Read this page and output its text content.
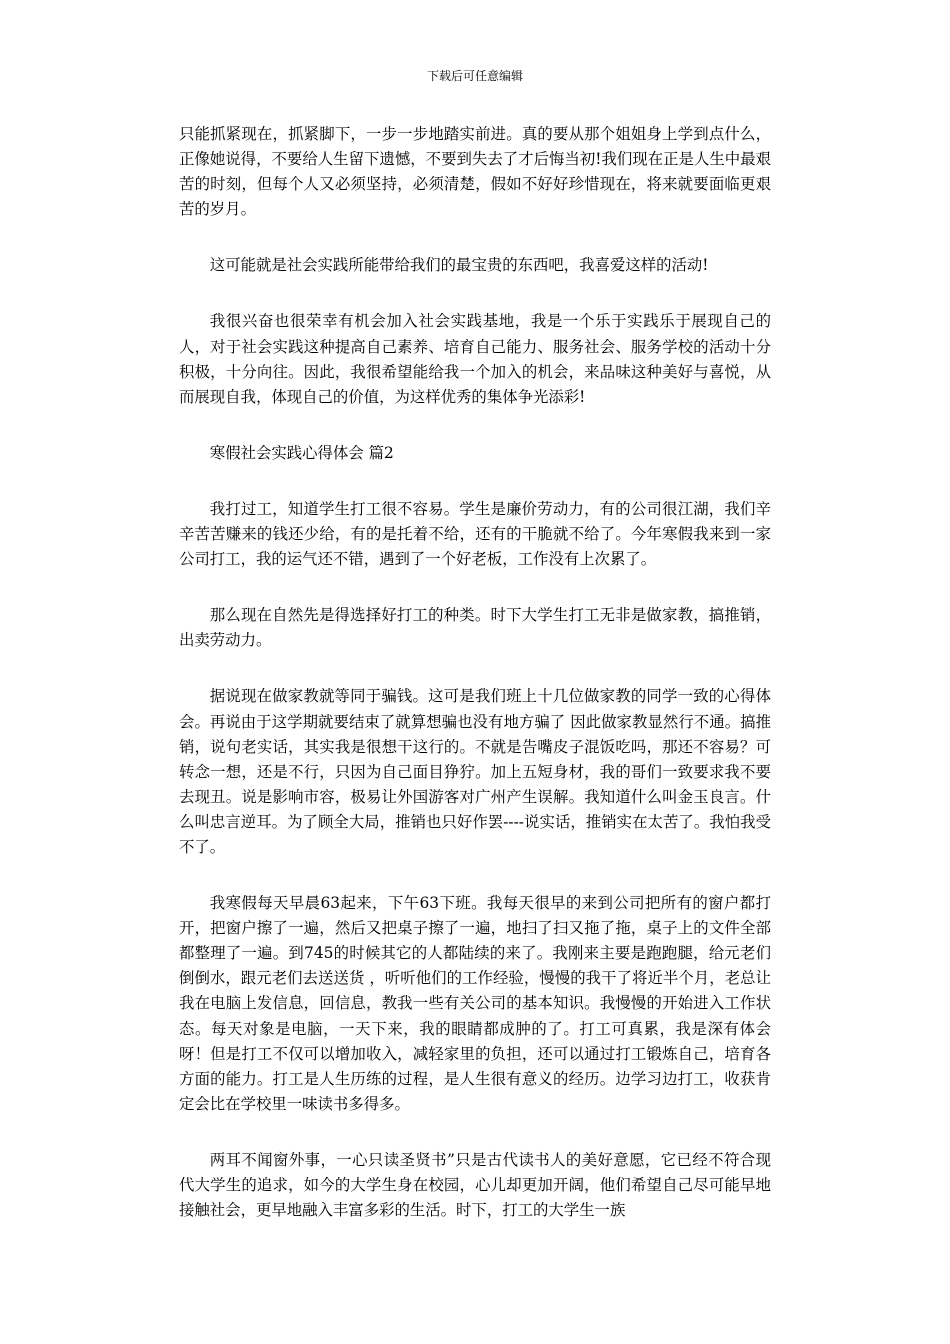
下载后可任意编辑

只能抓紧现在，抓紧脚下，一步一步地踏实前进。真的要从那个姐姐身上学到点什么，正像她说得，不要给人生留下遗憾，不要到失去了才后悔当初!我们现在正是人生中最艰苦的时刻，但每个人又必须坚持，必须清楚，假如不好好珍惜现在，将来就要面临更艰苦的岁月。

这可能就是社会实践所能带给我们的最宝贵的东西吧，我喜爱这样的活动!

我很兴奋也很荣幸有机会加入社会实践基地，我是一个乐于实践乐于展现自己的人，对于社会实践这种提高自己素养、培育自己能力、服务社会、服务学校的活动十分积极，十分向往。因此，我很希望能给我一个加入的机会，来品味这种美好与喜悦，从而展现自我，体现自己的价值，为这样优秀的集体争光添彩!

寒假社会实践心得体会 篇2

我打过工，知道学生打工很不容易。学生是廉价劳动力，有的公司很江湖，我们辛辛苦苦赚来的钱还少给，有的是托着不给，还有的干脆就不给了。今年寒假我来到一家公司打工，我的运气还不错，遇到了一个好老板，工作没有上次累了。

那么现在自然先是得选择好打工的种类。时下大学生打工无非是做家教，搞推销，出卖劳动力。

据说现在做家教就等同于骗钱。这可是我们班上十几位做家教的同学一致的心得体会。再说由于这学期就要结束了就算想骗也没有地方骗了 因此做家教显然行不通。搞推销，说句老实话，其实我是很想干这行的。不就是告嘴皮子混饭吃吗，那还不容易？可转念一想，还是不行，只因为自己面目狰狞。加上五短身材，我的哥们一致要求我不要去现丑。说是影响市容，极易让外国游客对广州产生误解。我知道什么叫金玉良言。什么叫忠言逆耳。为了顾全大局，推销也只好作罢----说实话，推销实在太苦了。我怕我受不了。

我寒假每天早晨63起来，下午63下班。我每天很早的来到公司把所有的窗户都打开，把窗户擦了一遍，然后又把桌子擦了一遍，地扫了扫又拖了拖，桌子上的文件全部都整理了一遍。到745的时候其它的人都陆续的来了。我刚来主要是跑跑腿，给元老们倒倒水，跟元老们去送送货 ，听听他们的工作经验，慢慢的我干了将近半个月，老总让我在电脑上发信息，回信息，教我一些有关公司的基本知识。我慢慢的开始进入工作状态。每天对象是电脑，一天下来，我的眼睛都成肿的了。打工可真累，我是深有体会呀！但是打工不仅可以增加收入，减轻家里的负担，还可以通过打工锻炼自己，培育各方面的能力。打工是人生历练的过程，是人生很有意义的经历。边学习边打工，收获肯定会比在学校里一味读书多得多。

两耳不闻窗外事，一心只读圣贤书”只是古代读书人的美好意愿，它已经不符合现代大学生的追求，如今的大学生身在校园，心儿却更加开阔，他们希望自己尽可能早地接触社会，更早地融入丰富多彩的生活。时下，打工的大学生一族
